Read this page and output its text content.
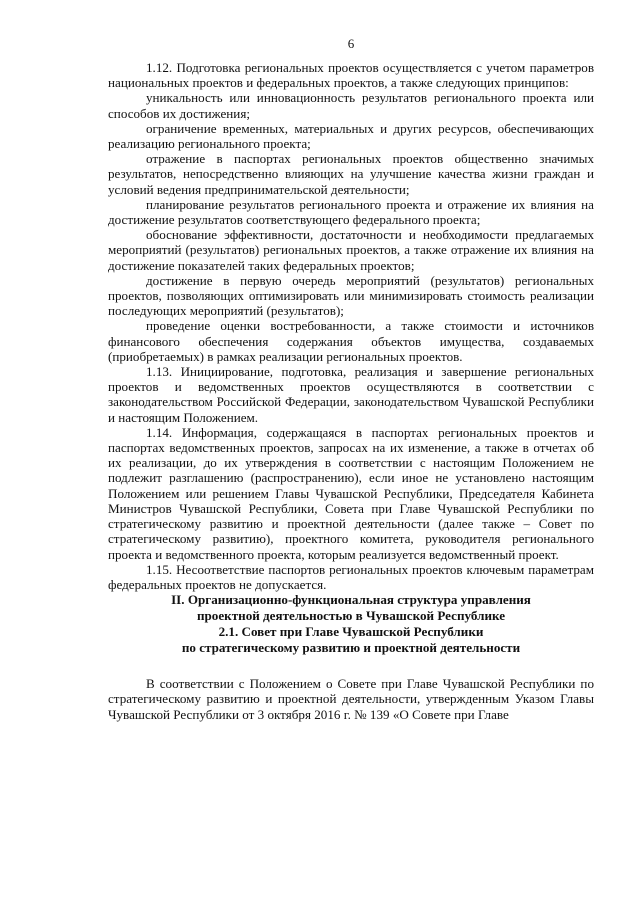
6

1.12. Подготовка региональных проектов осуществляется с учетом параметров национальных проектов и федеральных проектов, а также следующих принципов:

уникальность или инновационность результатов регионального проекта или способов их достижения;

ограничение временных, материальных и других ресурсов, обеспечивающих реализацию регионального проекта;

отражение в паспортах региональных проектов общественно значимых результатов, непосредственно влияющих на улучшение качества жизни граждан и условий ведения предпринимательской деятельности;

планирование результатов регионального проекта и отражение их влияния на достижение результатов соответствующего федерального проекта;

обоснование эффективности, достаточности и необходимости предлагаемых мероприятий (результатов) региональных проектов, а также отражение их влияния на достижение показателей таких федеральных проектов;

достижение в первую очередь мероприятий (результатов) региональных проектов, позволяющих оптимизировать или минимизировать стоимость реализации последующих мероприятий (результатов);

проведение оценки востребованности, а также стоимости и источников финансового обеспечения содержания объектов имущества, создаваемых (приобретаемых) в рамках реализации региональных проектов.

1.13. Инициирование, подготовка, реализация и завершение региональных проектов и ведомственных проектов осуществляются в соответствии с законодательством Российской Федерации, законодательством Чувашской Республики и настоящим Положением.

1.14. Информация, содержащаяся в паспортах региональных проектов и паспортах ведомственных проектов, запросах на их изменение, а также в отчетах об их реализации, до их утверждения в соответствии с настоящим Положением не подлежит разглашению (распространению), если иное не установлено настоящим Положением или решением Главы Чувашской Республики, Председателя Кабинета Министров Чувашской Республики, Совета при Главе Чувашской Республики по стратегическому развитию и проектной деятельности (далее также – Совет по стратегическому развитию), проектного комитета, руководителя регионального проекта и ведомственного проекта, которым реализуется ведомственный проект.

1.15. Несоответствие паспортов региональных проектов ключевым параметрам федеральных проектов не допускается.

II. Организационно-функциональная структура управления
проектной деятельностью в Чувашской Республике

2.1. Совет при Главе Чувашской Республики
по стратегическому развитию и проектной деятельности

В соответствии с Положением о Совете при Главе Чувашской Республики по стратегическому развитию и проектной деятельности, утвержденным Указом Главы Чувашской Республики от 3 октября 2016 г. № 139 «О Совете при Главе
